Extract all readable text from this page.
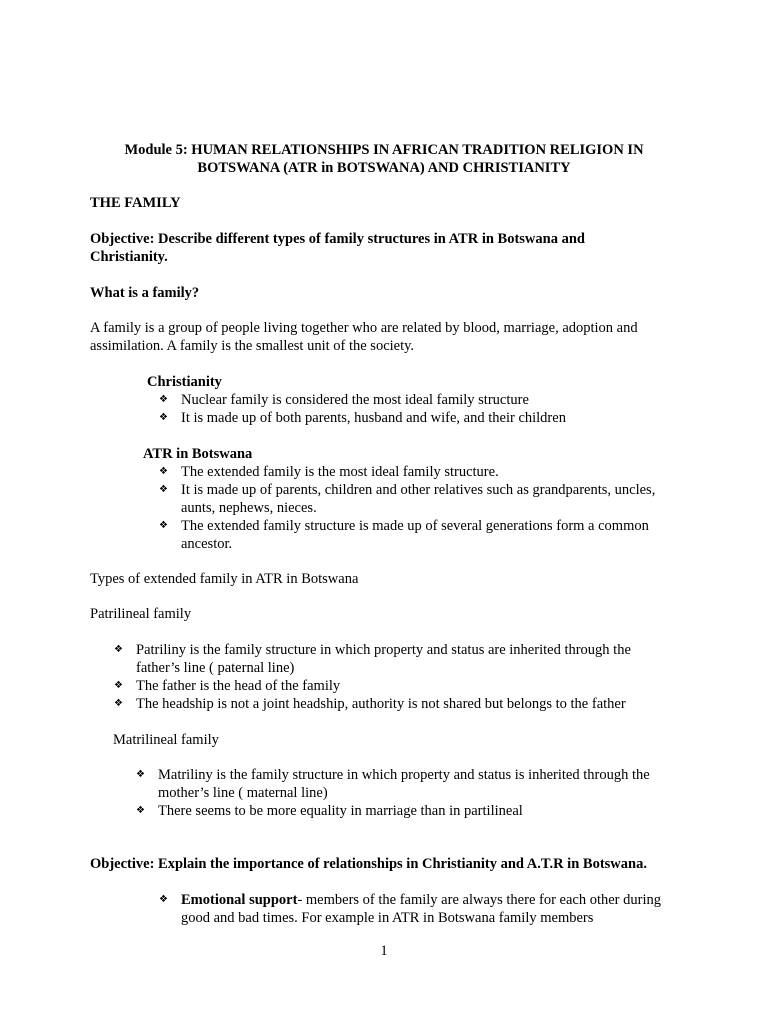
Module 5: HUMAN RELATIONSHIPS IN AFRICAN TRADITION RELIGION IN
BOTSWANA (ATR in BOTSWANA) AND CHRISTIANITY
THE FAMILY
Objective: Describe different types of family structures in ATR in Botswana and Christianity.
What is a family?
A family is a group of people living together who are related by blood, marriage, adoption and assimilation. A family is the smallest unit of the society.
Christianity
❖ Nuclear family is considered the most ideal family structure
❖ It is made up of both parents, husband and wife, and their children
ATR in Botswana
❖ The extended family is the most ideal family structure.
❖ It is made up of parents, children and other relatives such as grandparents, uncles, aunts, nephews, nieces.
❖ The extended family structure is made up of several generations form a common ancestor.
Types of extended family in ATR in Botswana
Patrilineal family
❖ Patriliny is the family structure in which property and status are inherited through the father’s line ( paternal line)
❖ The father is the head of the family
❖ The headship is not a joint headship, authority is not shared but belongs to the father
Matrilineal family
❖ Matriliny is the family structure in which property and status is inherited through the mother’s line ( maternal line)
❖ There seems to be more equality in marriage than in partilineal
Objective: Explain the importance of relationships in Christianity and A.T.R in Botswana.
❖ Emotional support- members of the family are always there for each other during good and bad times. For example in ATR in Botswana family members
1
